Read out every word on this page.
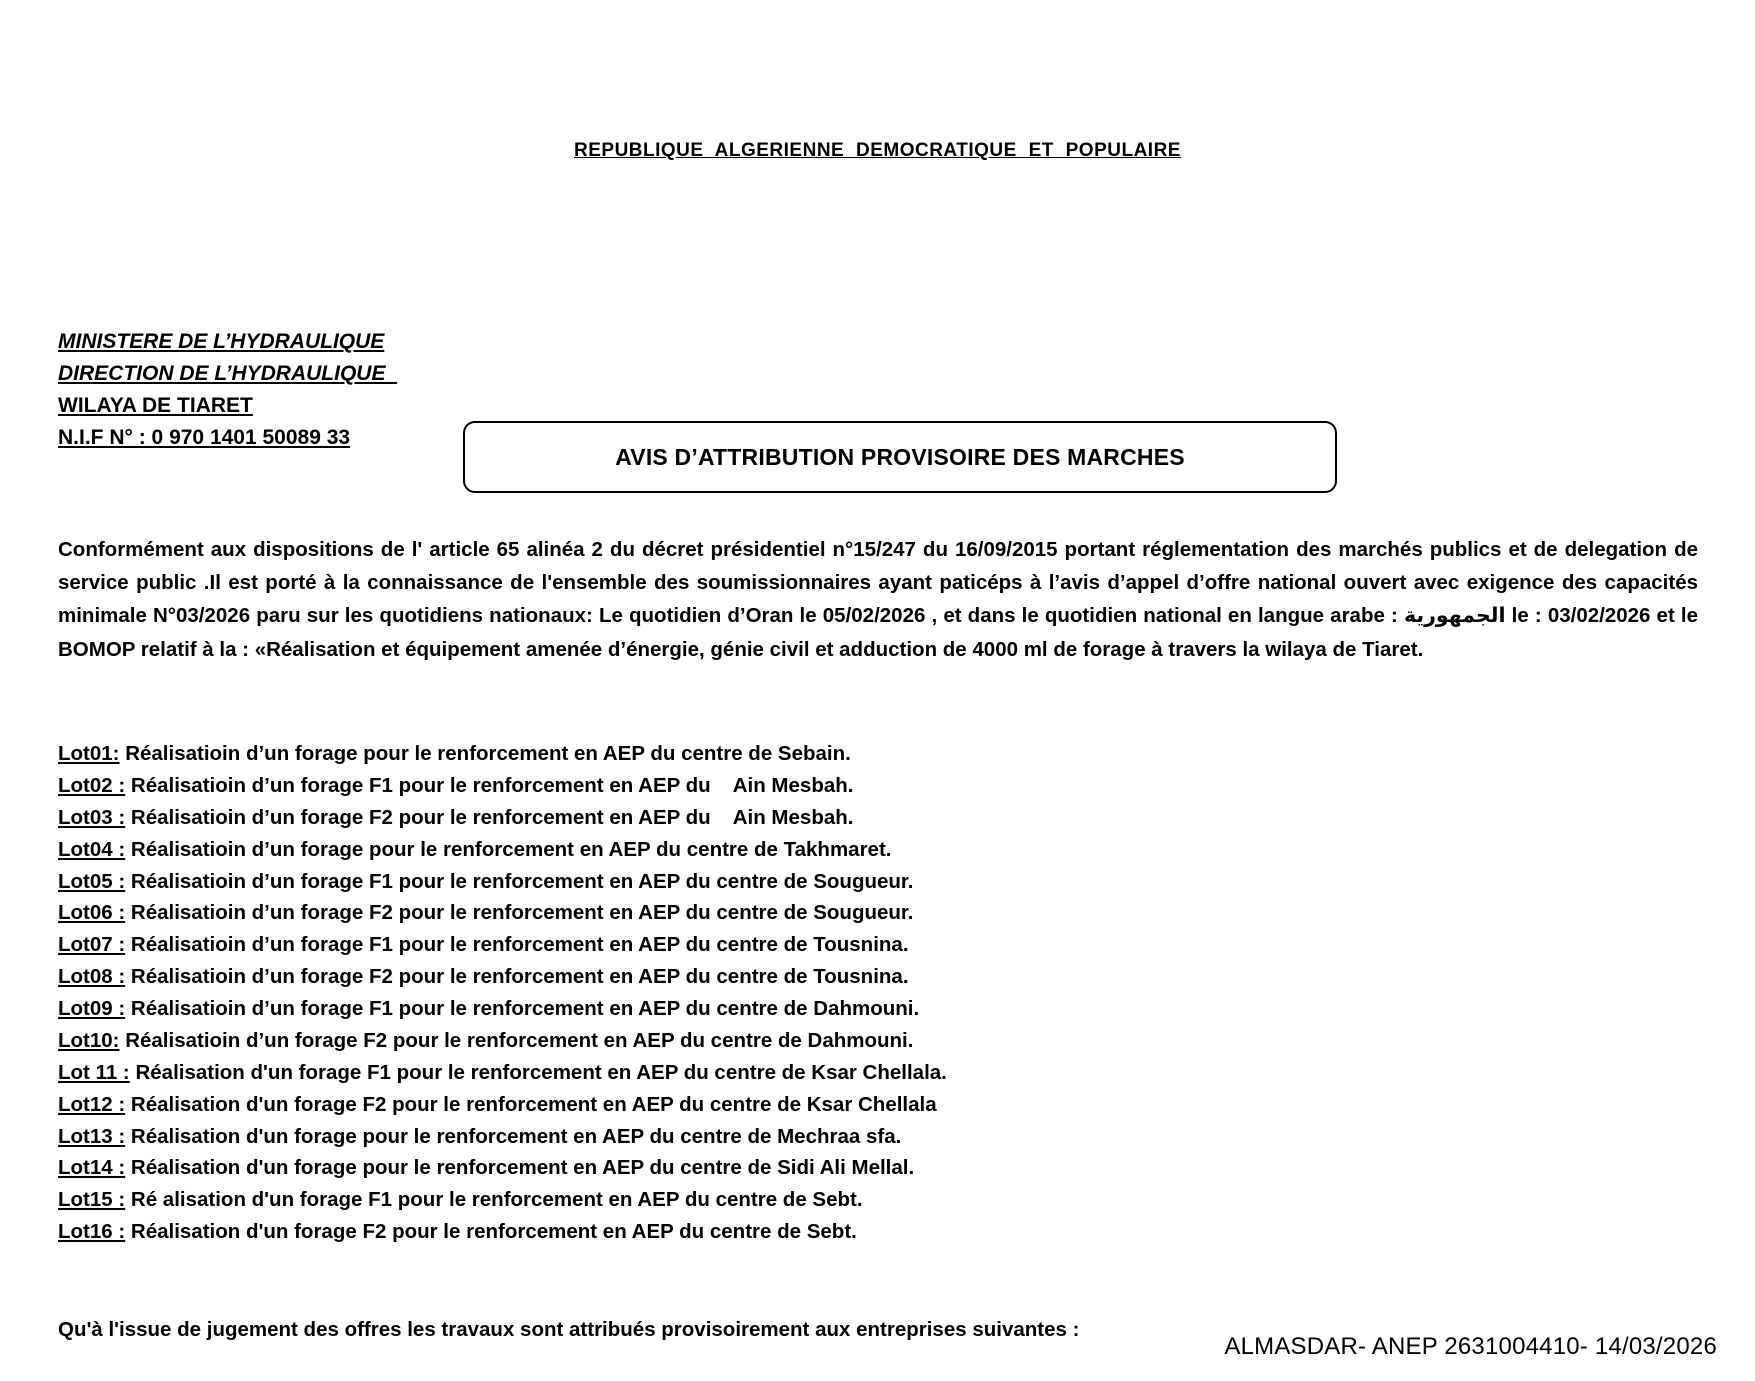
REPUBLIQUE ALGERIENNE DEMOCRATIQUE ET POPULAIRE
MINISTERE DE L’HYDRAULIQUE
DIRECTION DE L’HYDRAULIQUE
WILAYA DE TIARET
N.I.F N° : 0 970 1401 50089 33
AVIS D’ATTRIBUTION PROVISOIRE DES MARCHES
Conformément aux dispositions de l' article 65 alinéa 2 du décret présidentiel n°15/247 du 16/09/2015 portant réglementation des marchés publics et de delegation de service public .Il est porté à la connaissance de l'ensemble des soumissionnaires ayant paticéps à l’avis d’appel d’offre national ouvert avec exigence des capacités minimale N°03/2026 paru sur les quotidiens nationaux: Le quotidien d’Oran le 05/02/2026 , et dans le quotidien national en langue arabe : الجمهورية le : 03/02/2026 et le BOMOP relatif à la : «Réalisation et équipement amenée d’énergie, génie civil et adduction de 4000 ml de forage à travers la wilaya de Tiaret.
Lot01: Réalisatioin d’un forage pour le renforcement en AEP du centre de Sebain.
Lot02 : Réalisatioin d’un forage F1 pour le renforcement en AEP du    Ain Mesbah.
Lot03 : Réalisatioin d’un forage F2 pour le renforcement en AEP du    Ain Mesbah.
Lot04 : Réalisatioin d’un forage pour le renforcement en AEP du centre de Takhmaret.
Lot05 : Réalisatioin d’un forage F1 pour le renforcement en AEP du centre de Sougueur.
Lot06 : Réalisatioin d’un forage F2 pour le renforcement en AEP du centre de Sougueur.
Lot07 : Réalisatioin d’un forage F1 pour le renforcement en AEP du centre de Tousnina.
Lot08 : Réalisatioin d’un forage F2 pour le renforcement en AEP du centre de Tousnina.
Lot09 : Réalisatioin d’un forage F1 pour le renforcement en AEP du centre de Dahmouni.
Lot10: Réalisatioin d’un forage F2 pour le renforcement en AEP du centre de Dahmouni.
Lot 11 : Réalisation d'un forage F1 pour le renforcement en AEP du centre de Ksar Chellala.
Lot12 : Réalisation d'un forage F2 pour le renforcement en AEP du centre de Ksar Chellala
Lot13 : Réalisation d'un forage pour le renforcement en AEP du centre de Mechraa sfa.
Lot14 : Réalisation d'un forage pour le renforcement en AEP du centre de Sidi Ali Mellal.
Lot15 : Ré alisation d'un forage F1 pour le renforcement en AEP du centre de Sebt.
Lot16 : Réalisation d'un forage F2 pour le renforcement en AEP du centre de Sebt.
Qu'à l'issue de jugement des offres les travaux sont attribués provisoirement aux entreprises suivantes :
ALMASDAR- ANEP 2631004410- 14/03/2026
